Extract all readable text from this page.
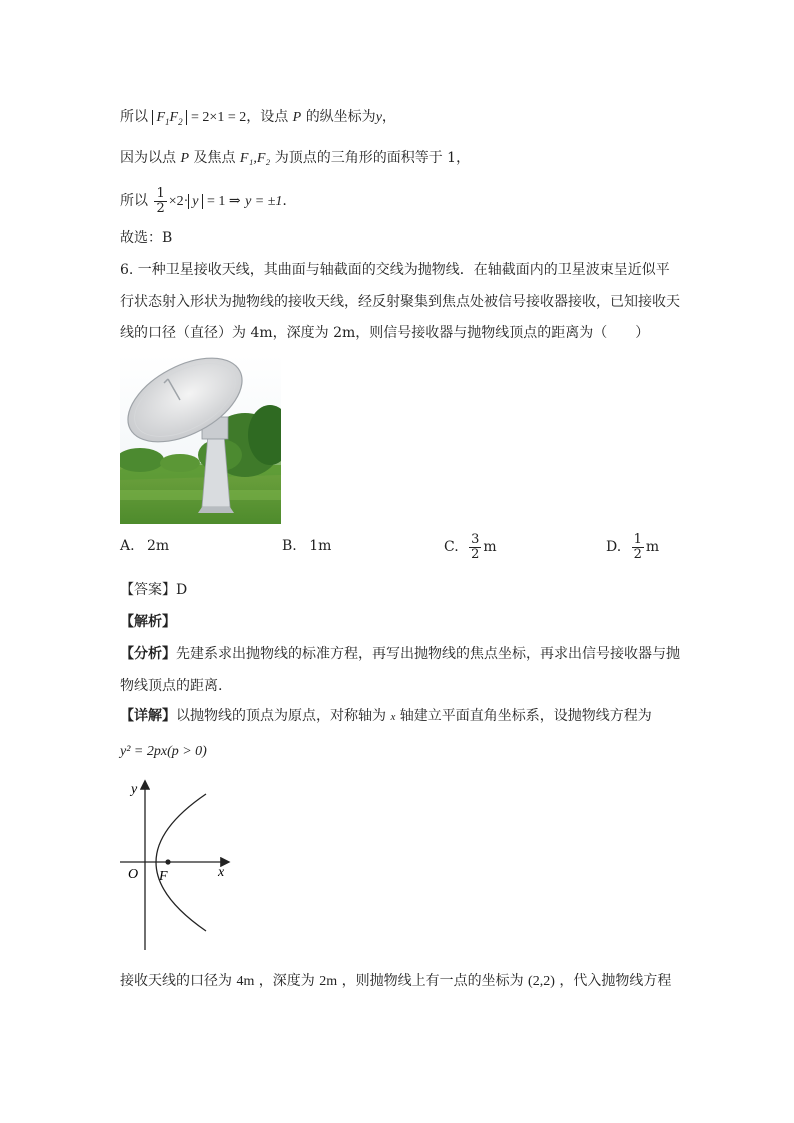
所以 $F_1F_2 = 2\times 1 = 2$，设点 P 的纵坐标为y，
因为以点 P 及焦点 F₁,F₂ 为顶点的三角形的面积等于 1，
所以 $\frac{1}{2} \times 2\cdot y = 1$ ⇒ y = ±1.
故选：B
6. 一种卫星接收天线，其曲面与轴截面的交线为抛物线．在轴截面内的卫星波束呈近似平
行状态射入形状为抛物线的接收天线，经反射聚集到焦点处被信号接收器接收，已知接收天
线的口径（直径）为 4m，深度为 2m，则信号接收器与抛物线顶点的距离为（　　）
A. 2m	B. 1m	C. $\frac{3}{2}$ m	D. $\frac{1}{2}$ m
【答案】D
【解析】
【分析】先建系求出抛物线的标准方程，再写出抛物线的焦点坐标，再求出信号接收器与抛
物线顶点的距离.
【详解】以抛物线的顶点为原点，对称轴为 x 轴建立平面直角坐标系，设抛物线方程为
y² = 2px(p > 0)
y
x
O F
接收天线的口径为 4m ，深度为 2m ，则抛物线上有一点的坐标为 (2,2) ，代入抛物线方程
